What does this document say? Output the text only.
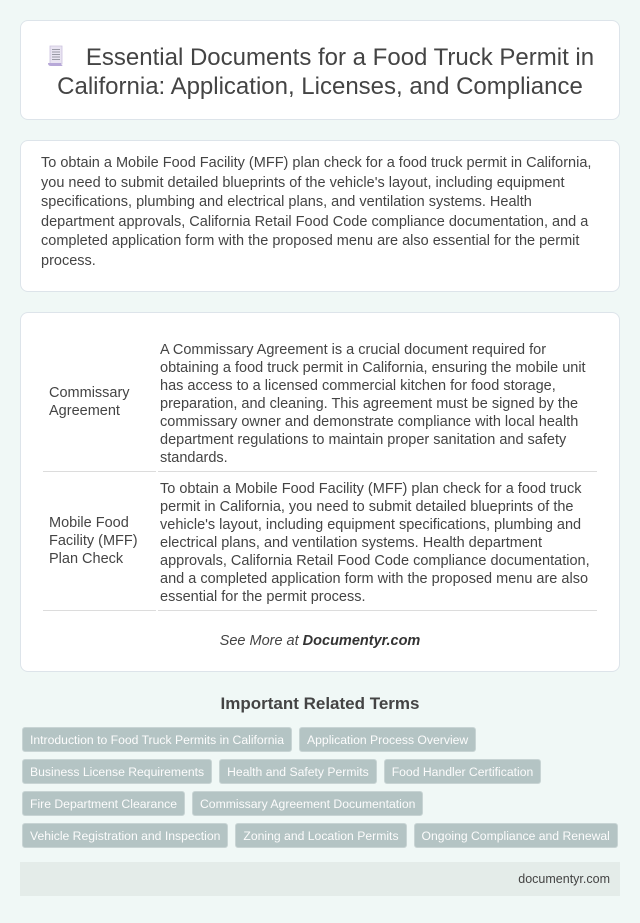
Essential Documents for a Food Truck Permit in California: Application, Licenses, and Compliance

To obtain a Mobile Food Facility (MFF) plan check for a food truck permit in California, you need to submit detailed blueprints of the vehicle's layout, including equipment specifications, plumbing and electrical plans, and ventilation systems. Health department approvals, California Retail Food Code compliance documentation, and a completed application form with the proposed menu are also essential for the permit process.

Commissary Agreement	A Commissary Agreement is a crucial document required for obtaining a food truck permit in California, ensuring the mobile unit has access to a licensed commercial kitchen for food storage, preparation, and cleaning. This agreement must be signed by the commissary owner and demonstrate compliance with local health department regulations to maintain proper sanitation and safety standards.
Mobile Food Facility (MFF) Plan Check	To obtain a Mobile Food Facility (MFF) plan check for a food truck permit in California, you need to submit detailed blueprints of the vehicle's layout, including equipment specifications, plumbing and electrical plans, and ventilation systems. Health department approvals, California Retail Food Code compliance documentation, and a completed application form with the proposed menu are also essential for the permit process.

See More at Documentyr.com

Important Related Terms
Introduction to Food Truck Permits in California	Application Process Overview
Business License Requirements	Health and Safety Permits	Food Handler Certification
Fire Department Clearance	Commissary Agreement Documentation
Vehicle Registration and Inspection	Zoning and Location Permits	Ongoing Compliance and Renewal
documentyr.com
